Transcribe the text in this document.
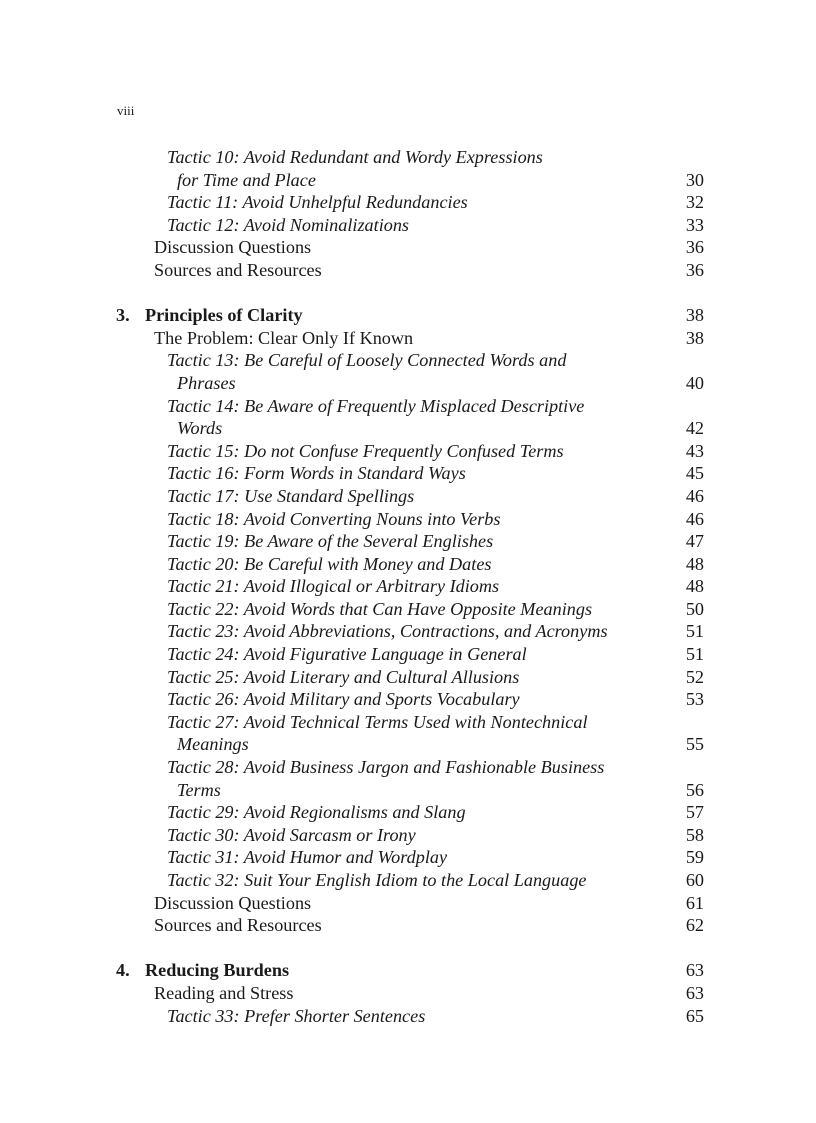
viii
Tactic 10: Avoid Redundant and Wordy Expressions
for Time and Place	30
Tactic 11: Avoid Unhelpful Redundancies	32
Tactic 12: Avoid Nominalizations	33
Discussion Questions	36
Sources and Resources	36
3. Principles of Clarity	38
The Problem: Clear Only If Known	38
Tactic 13: Be Careful of Loosely Connected Words and
Phrases	40
Tactic 14: Be Aware of Frequently Misplaced Descriptive
Words	42
Tactic 15: Do not Confuse Frequently Confused Terms	43
Tactic 16: Form Words in Standard Ways	45
Tactic 17: Use Standard Spellings	46
Tactic 18: Avoid Converting Nouns into Verbs	46
Tactic 19: Be Aware of the Several Englishes	47
Tactic 20: Be Careful with Money and Dates	48
Tactic 21: Avoid Illogical or Arbitrary Idioms	48
Tactic 22: Avoid Words that Can Have Opposite Meanings	50
Tactic 23: Avoid Abbreviations, Contractions, and Acronyms	51
Tactic 24: Avoid Figurative Language in General	51
Tactic 25: Avoid Literary and Cultural Allusions	52
Tactic 26: Avoid Military and Sports Vocabulary	53
Tactic 27: Avoid Technical Terms Used with Nontechnical
Meanings	55
Tactic 28: Avoid Business Jargon and Fashionable Business
Terms	56
Tactic 29: Avoid Regionalisms and Slang	57
Tactic 30: Avoid Sarcasm or Irony	58
Tactic 31: Avoid Humor and Wordplay	59
Tactic 32: Suit Your English Idiom to the Local Language	60
Discussion Questions	61
Sources and Resources	62
4. Reducing Burdens	63
Reading and Stress	63
Tactic 33: Prefer Shorter Sentences	65
